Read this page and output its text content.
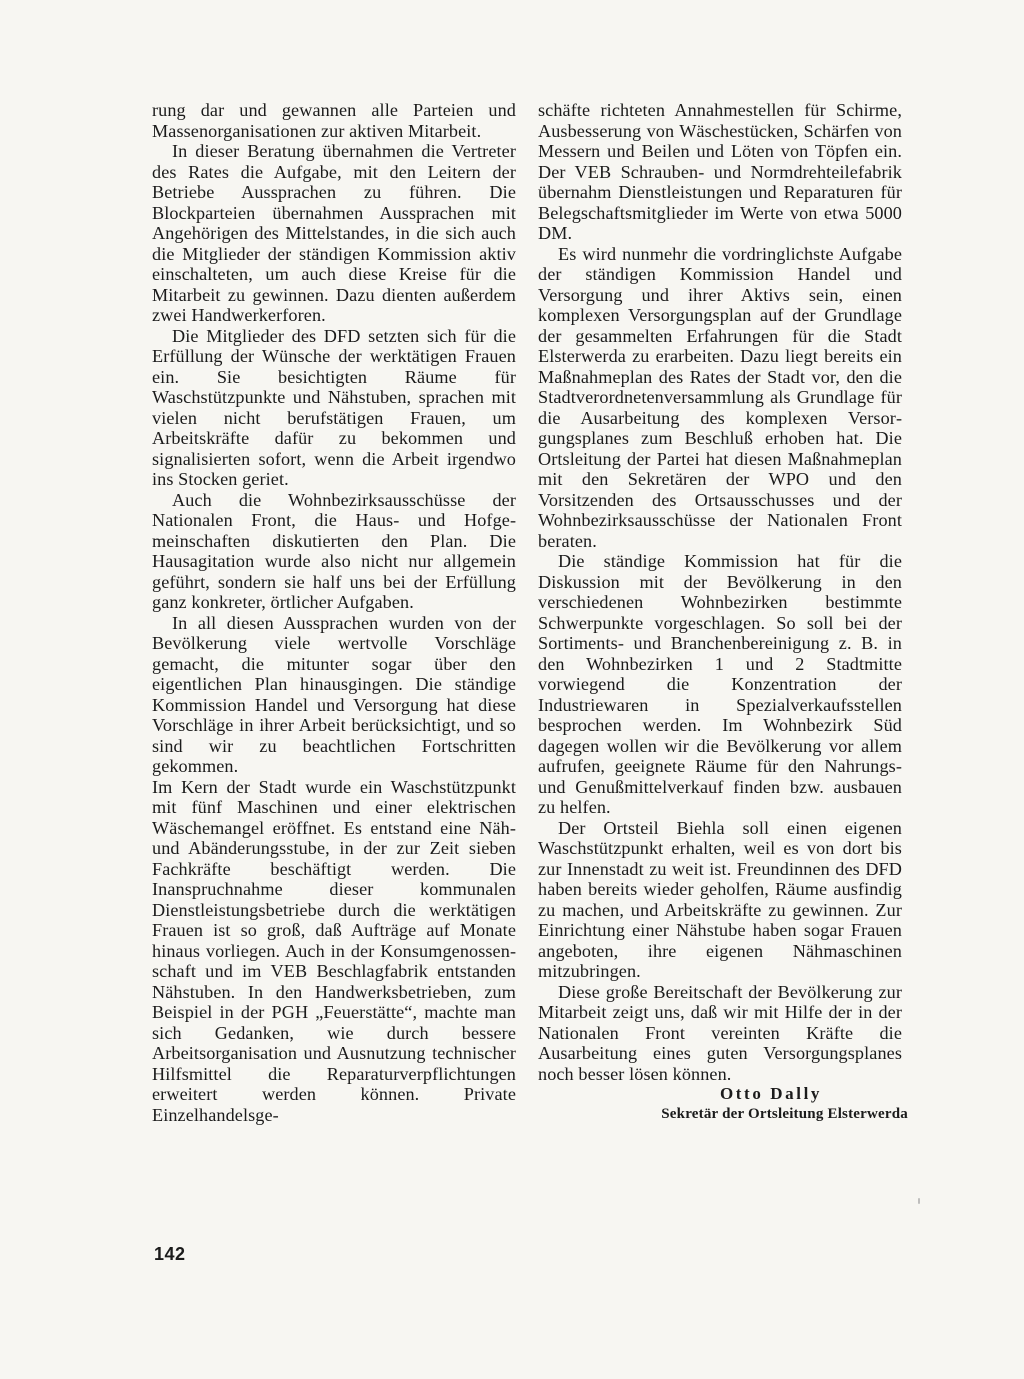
rung dar und gewannen alle Parteien und Massenorganisationen zur aktiven Mitarbeit.

In dieser Beratung übernahmen die Vertreter des Rates die Aufgabe, mit den Leitern der Betriebe Aussprachen zu führen. Die Blockparteien übernahmen Aussprachen mit Angehörigen des Mittelstandes, in die sich auch die Mitglieder der ständigen Kommission aktiv einschalteten, um auch diese Kreise für die Mitarbeit zu gewinnen. Dazu dienten außerdem zwei Handwerkerforen.

Die Mitglieder des DFD setzten sich für die Erfüllung der Wünsche der werktätigen Frauen ein. Sie besichtigten Räume für Waschstützpunkte und Nähstuben, sprachen mit vielen nicht berufstätigen Frauen, um Arbeitskräfte dafür zu bekommen und signalisierten sofort, wenn die Arbeit irgendwo ins Stocken geriet.

Auch die Wohnbezirksausschüsse der Nationalen Front, die Haus- und Hofgemeinschaften diskutierten den Plan. Die Hausagitation wurde also nicht nur allgemein geführt, sondern sie half uns bei der Erfüllung ganz konkreter, örtlicher Aufgaben.

In all diesen Aussprachen wurden von der Bevölkerung viele wertvolle Vorschläge gemacht, die mitunter sogar über den eigentlichen Plan hinausgingen. Die ständige Kommission Handel und Versorgung hat diese Vorschläge in ihrer Arbeit berücksichtigt, und so sind wir zu beachtlichen Fortschritten gekommen.

Im Kern der Stadt wurde ein Waschstützpunkt mit fünf Maschinen und einer elektrischen Wäschemangel eröffnet. Es entstand eine Näh- und Abänderungsstube, in der zur Zeit sieben Fachkräfte beschäftigt werden. Die Inanspruchnahme dieser kommunalen Dienstleistungsbetriebe durch die werktätigen Frauen ist so groß, daß Aufträge auf Monate hinaus vorliegen. Auch in der Konsumgenossenschaft und im VEB Beschlagfabrik entstanden Nähstuben. In den Handwerksbetrieben, zum Beispiel in der PGH „Feuerstätte“, machte man sich Gedanken, wie durch bessere Arbeitsorganisation und Ausnutzung technischer Hilfsmittel die Reparaturverpflichtungen erweitert werden können. Private Einzelhandelsge-

schäfte richteten Annahmestellen für Schirme, Ausbesserung von Wäschestücken, Schärfen von Messern und Beilen und Löten von Töpfen ein. Der VEB Schrauben- und Normdrehteilefabrik übernahm Dienstleistungen und Reparaturen für Belegschaftsmitglieder im Werte von etwa 5000 DM.

Es wird nunmehr die vordringlichste Aufgabe der ständigen Kommission Handel und Versorgung und ihrer Aktivs sein, einen komplexen Versorgungsplan auf der Grundlage der gesammelten Erfahrungen für die Stadt Elsterwerda zu erarbeiten. Dazu liegt bereits ein Maßnahmeplan des Rates der Stadt vor, den die Stadtverordnetenversammlung als Grundlage für die Ausarbeitung des komplexen Versorgungsplanes zum Beschluß erhoben hat. Die Ortsleitung der Partei hat diesen Maßnahmeplan mit den Sekretären der WPO und den Vorsitzenden des Ortsausschusses und der Wohnbezirksausschüsse der Nationalen Front beraten.

Die ständige Kommission hat für die Diskussion mit der Bevölkerung in den verschiedenen Wohnbezirken bestimmte Schwerpunkte vorgeschlagen. So soll bei der Sortiments- und Branchenbereinigung z. B. in den Wohnbezirken 1 und 2 Stadtmitte vorwiegend die Konzentration der Industriewaren in Spezialverkaufsstellen besprochen werden. Im Wohnbezirk Süd dagegen wollen wir die Bevölkerung vor allem aufrufen, geeignete Räume für den Nahrungs- und Genußmittelverkauf finden bzw. ausbauen zu helfen.

Der Ortsteil Biehla soll einen eigenen Waschstützpunkt erhalten, weil es von dort bis zur Innenstadt zu weit ist. Freundinnen des DFD haben bereits wieder geholfen, Räume ausfindig zu machen, und Arbeitskräfte zu gewinnen. Zur Einrichtung einer Nähstube haben sogar Frauen angeboten, ihre eigenen Nähmaschinen mitzubringen.

Diese große Bereitschaft der Bevölkerung zur Mitarbeit zeigt uns, daß wir mit Hilfe der in der Nationalen Front vereinten Kräfte die Ausarbeitung eines guten Versorgungsplanes noch besser lösen können.

Otto Dally
Sekretär der Ortsleitung Elsterwerda
142
